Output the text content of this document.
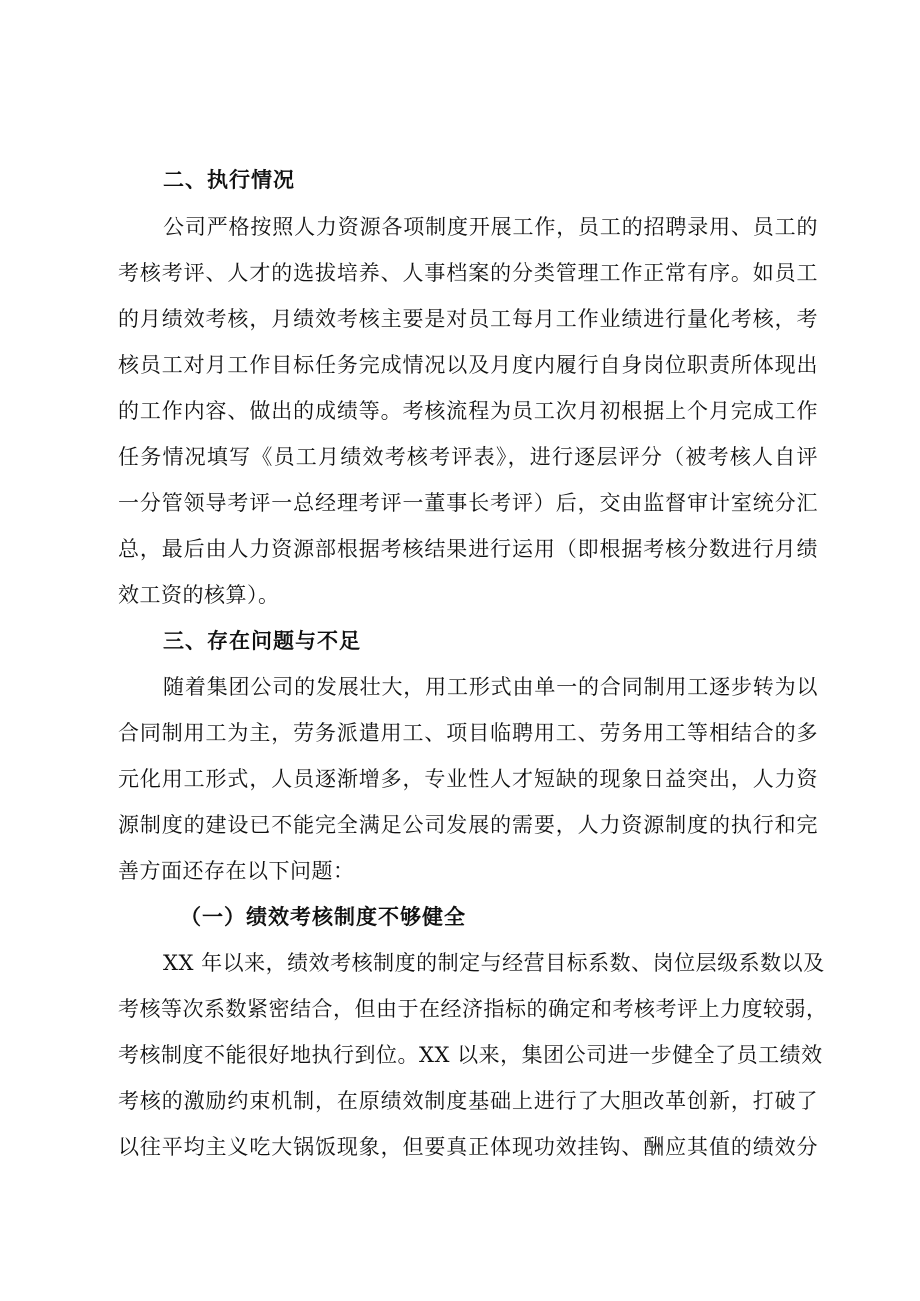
二、执行情况

公司严格按照人力资源各项制度开展工作，员工的招聘录用、员工的

考核考评、人才的选拔培养、人事档案的分类管理工作正常有序。如员工

的月绩效考核，月绩效考核主要是对员工每月工作业绩进行量化考核，考

核员工对月工作目标任务完成情况以及月度内履行自身岗位职责所体现出

的工作内容、做出的成绩等。考核流程为员工次月初根据上个月完成工作

任务情况填写《员工月绩效考核考评表》，进行逐层评分（被考核人自评

一分管领导考评一总经理考评一董事长考评）后，交由监督审计室统分汇

总，最后由人力资源部根据考核结果进行运用（即根据考核分数进行月绩

效工资的核算）。

三、存在问题与不足

随着集团公司的发展壮大，用工形式由单一的合同制用工逐步转为以

合同制用工为主，劳务派遣用工、项目临聘用工、劳务用工等相结合的多

元化用工形式，人员逐渐增多，专业性人才短缺的现象日益突出，人力资

源制度的建设已不能完全满足公司发展的需要，人力资源制度的执行和完

善方面还存在以下问题：

（一）绩效考核制度不够健全

XX 年以来，绩效考核制度的制定与经营目标系数、岗位层级系数以及

考核等次系数紧密结合，但由于在经济指标的确定和考核考评上力度较弱，

考核制度不能很好地执行到位。XX 以来，集团公司进一步健全了员工绩效

考核的激励约束机制，在原绩效制度基础上进行了大胆改革创新，打破了

以往平均主义吃大锅饭现象，但要真正体现功效挂钩、酬应其值的绩效分
